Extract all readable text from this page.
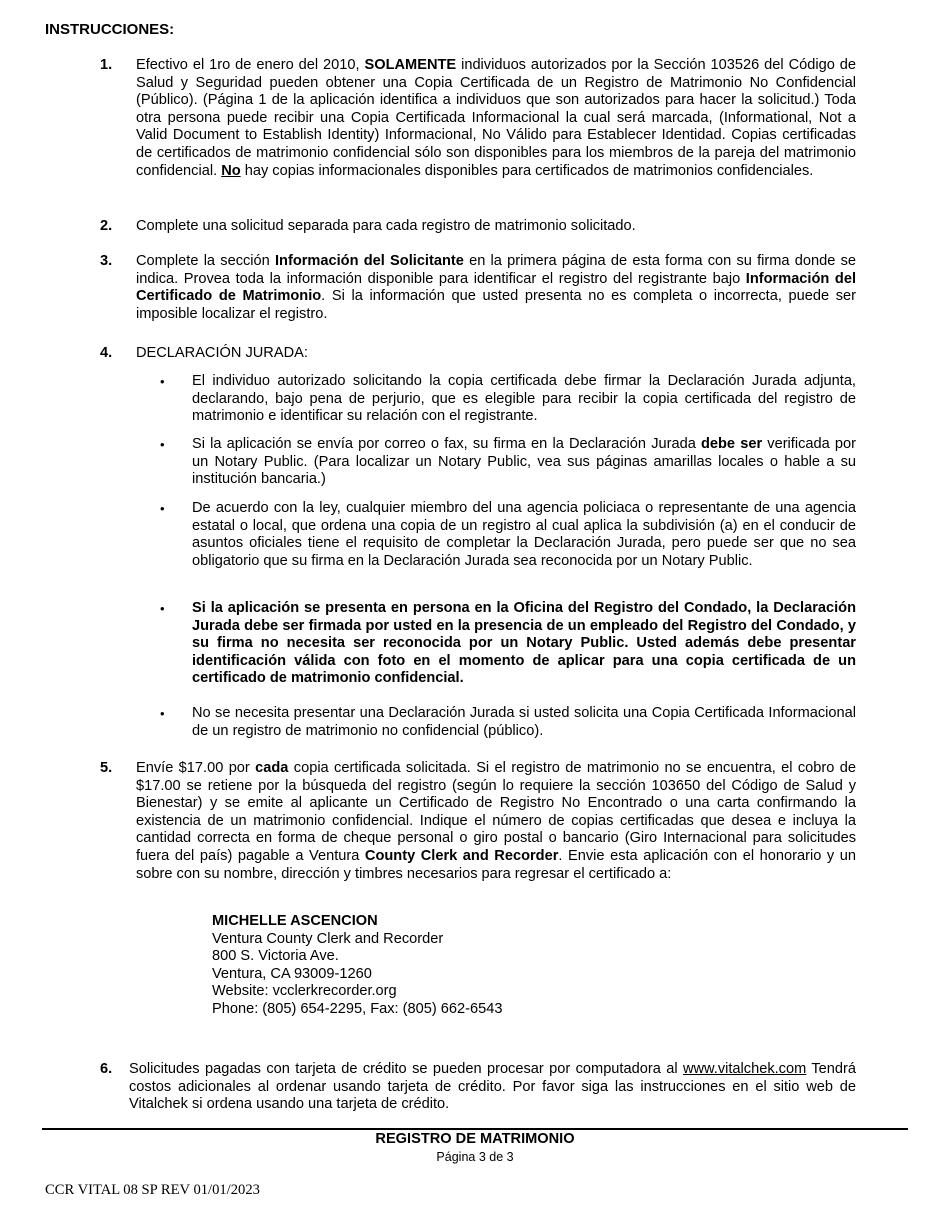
INSTRUCCIONES:
1. Efectivo el 1ro de enero del 2010, SOLAMENTE individuos autorizados por la Sección 103526 del Código de Salud y Seguridad pueden obtener una Copia Certificada de un Registro de Matrimonio No Confidencial (Público). (Página 1 de la aplicación identifica a individuos que son autorizados para hacer la solicitud.) Toda otra persona puede recibir una Copia Certificada Informacional la cual será marcada, (Informational, Not a Valid Document to Establish Identity) Informacional, No Válido para Establecer Identidad. Copias certificadas de certificados de matrimonio confidencial sólo son disponibles para los miembros de la pareja del matrimonio confidencial. No hay copias informacionales disponibles para certificados de matrimonios confidenciales.
2. Complete una solicitud separada para cada registro de matrimonio solicitado.
3. Complete la sección Información del Solicitante en la primera página de esta forma con su firma donde se indica. Provea toda la información disponible para identificar el registro del registrante bajo Información del Certificado de Matrimonio. Si la información que usted presenta no es completa o incorrecta, puede ser imposible localizar el registro.
4. DECLARACIÓN JURADA:
• El individuo autorizado solicitando la copia certificada debe firmar la Declaración Jurada adjunta, declarando, bajo pena de perjurio, que es elegible para recibir la copia certificada del registro de matrimonio e identificar su relación con el registrante.
• Si la aplicación se envía por correo o fax, su firma en la Declaración Jurada debe ser verificada por un Notary Public. (Para localizar un Notary Public, vea sus páginas amarillas locales o hable a su institución bancaria.)
• De acuerdo con la ley, cualquier miembro del una agencia policiaca o representante de una agencia estatal o local, que ordena una copia de un registro al cual aplica la subdivisión (a) en el conducir de asuntos oficiales tiene el requisito de completar la Declaración Jurada, pero puede ser que no sea obligatorio que su firma en la Declaración Jurada sea reconocida por un Notary Public.
• Si la aplicación se presenta en persona en la Oficina del Registro del Condado, la Declaración Jurada debe ser firmada por usted en la presencia de un empleado del Registro del Condado, y su firma no necesita ser reconocida por un Notary Public. Usted además debe presentar identificación válida con foto en el momento de aplicar para una copia certificada de un certificado de matrimonio confidencial.
• No se necesita presentar una Declaración Jurada si usted solicita una Copia Certificada Informacional de un registro de matrimonio no confidencial (público).
5. Envíe $17.00 por cada copia certificada solicitada. Si el registro de matrimonio no se encuentra, el cobro de $17.00 se retiene por la búsqueda del registro (según lo requiere la sección 103650 del Código de Salud y Bienestar) y se emite al aplicante un Certificado de Registro No Encontrado o una carta confirmando la existencia de un matrimonio confidencial. Indique el número de copias certificadas que desea e incluya la cantidad correcta en forma de cheque personal o giro postal o bancario (Giro Internacional para solicitudes fuera del país) pagable a Ventura County Clerk and Recorder. Envie esta aplicación con el honorario y un sobre con su nombre, dirección y timbres necesarios para regresar el certificado a:
MICHELLE ASCENCION
Ventura County Clerk and Recorder
800 S. Victoria Ave.
Ventura, CA 93009-1260
Website: vcclerkrecorder.org
Phone: (805) 654-2295, Fax: (805) 662-6543
6. Solicitudes pagadas con tarjeta de crédito se pueden procesar por computadora al www.vitalchek.com Tendrá costos adicionales al ordenar usando tarjeta de crédito. Por favor siga las instrucciones en el sitio web de Vitalchek si ordena usando una tarjeta de crédito.
REGISTRO DE MATRIMONIO
Página 3 de 3
CCR VITAL 08 SP REV 01/01/2023
